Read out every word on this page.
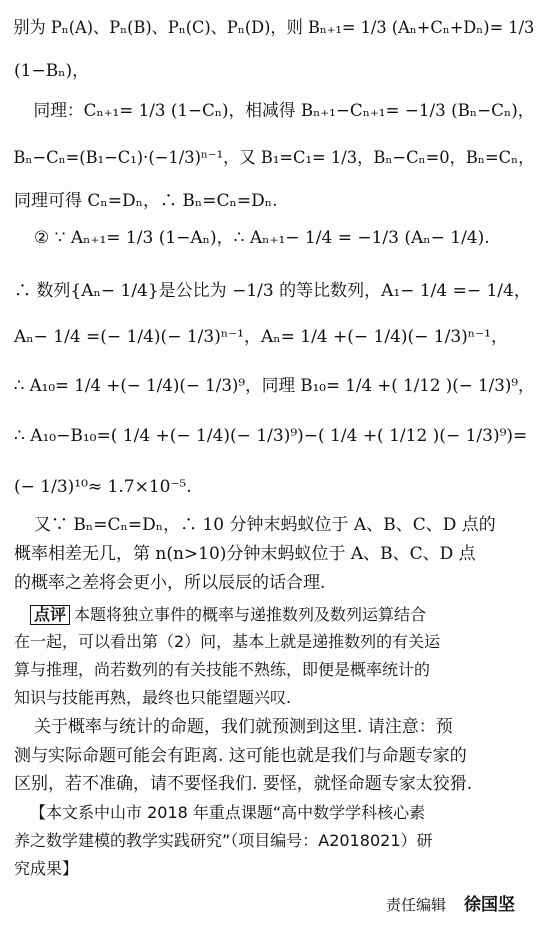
别为 Pₙ(A)、Pₙ(B)、Pₙ(C)、Pₙ(D)，则 Bₙ₊₁= 1/3 (Aₙ+Cₙ+Dₙ)= 1/3
(1−Bₙ)，
同理：Cₙ₊₁= 1/3 (1−Cₙ)，相减得 Bₙ₊₁−Cₙ₊₁= −1/3 (Bₙ−Cₙ)，
Bₙ−Cₙ=(B₁−C₁)·(−1/3)ⁿ⁻¹，又 B₁=C₁= 1/3，Bₙ−Cₙ=0，Bₙ=Cₙ，
同理可得 Cₙ=Dₙ，∴ Bₙ=Cₙ=Dₙ.
② ∵ Aₙ₊₁= 1/3 (1−Aₙ)，∴ Aₙ₊₁− 1/4 = −1/3 (Aₙ− 1/4).
∴ 数列{Aₙ− 1/4}是公比为 −1/3 的等比数列，A₁− 1/4 =− 1/4，
Aₙ− 1/4 =(− 1/4)(− 1/3)ⁿ⁻¹，Aₙ= 1/4 +(− 1/4)(− 1/3)ⁿ⁻¹，
∴ A₁₀= 1/4 +(− 1/4)(− 1/3)⁹，同理 B₁₀= 1/4 +( 1/12 )(− 1/3)⁹，
∴ A₁₀−B₁₀=( 1/4 +(− 1/4)(− 1/3)⁹)−( 1/4 +( 1/12 )(− 1/3)⁹)=
(− 1/3)¹⁰≈ 1.7×10⁻⁵.
又∵ Bₙ=Cₙ=Dₙ，∴ 10 分钟末蚂蚁位于 A、B、C、D 点的
概率相差无几，第 n(n>10)分钟末蚂蚁位于 A、B、C、D 点
的概率之差将会更小，所以辰辰的话合理.
点评 本题将独立事件的概率与递推数列及数列运算结合
在一起，可以看出第（2）问，基本上就是递推数列的有关运
算与推理，尚若数列的有关技能不熟练，即便是概率统计的
知识与技能再熟，最终也只能望题兴叹.
关于概率与统计的命题，我们就预测到这里. 请注意：预
测与实际命题可能会有距离. 这可能也就是我们与命题专家的
区别，若不准确，请不要怪我们. 要怪，就怪命题专家太狡猾.
【本文系中山市 2018 年重点课题“高中数学学科核心素
养之数学建模的教学实践研究”（项目编号：A2018021）研
究成果】
责任编辑 徐国坚
